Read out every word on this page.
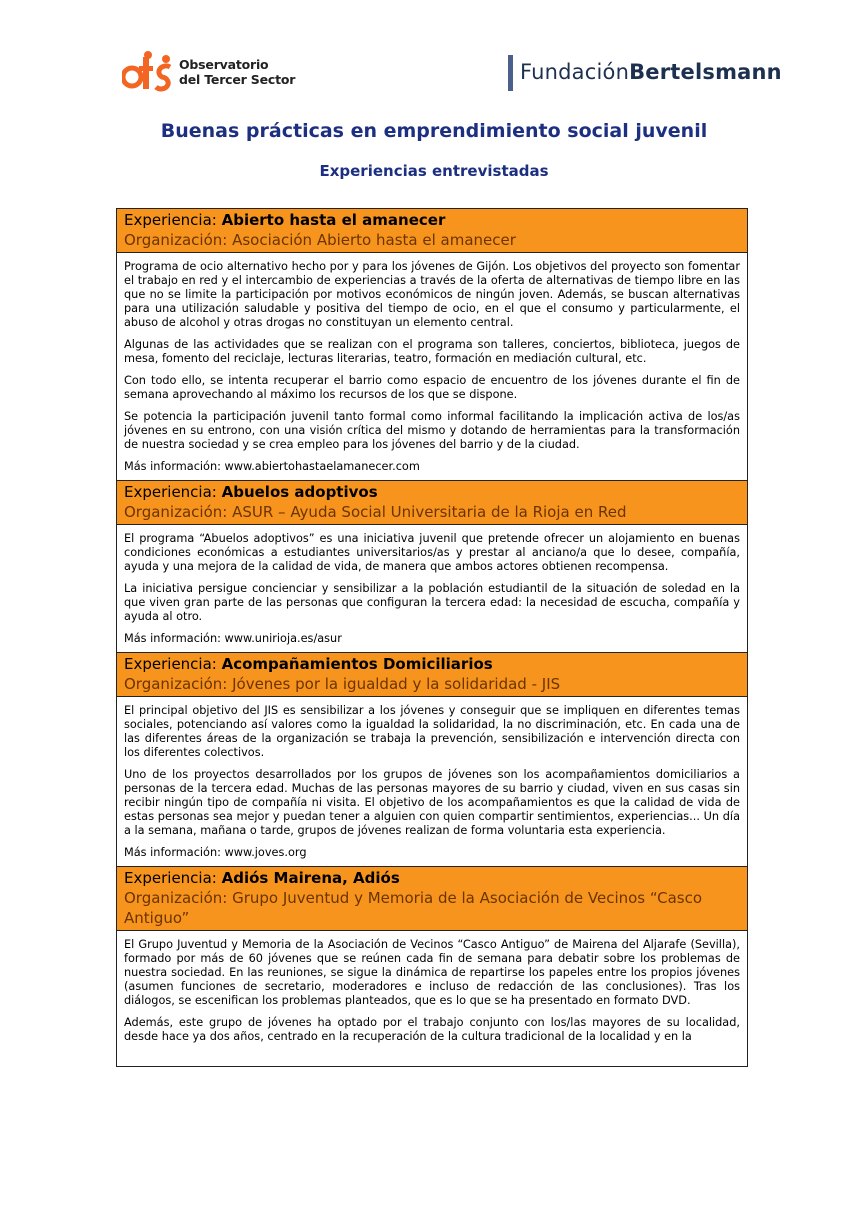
Observatorio
del Tercer Sector	FundaciónBertelsmann
Buenas prácticas en emprendimiento social juvenil
Experiencias entrevistadas
Experiencia: Abierto hasta el amanecer
Organización: Asociación Abierto hasta el amanecer

Programa de ocio alternativo hecho por y para los jóvenes de Gijón. Los objetivos del proyecto son fomentar el trabajo en red y el intercambio de experiencias a través de la oferta de alternativas de tiempo libre en las que no se limite la participación por motivos económicos de ningún joven. Además, se buscan alternativas para una utilización saludable y positiva del tiempo de ocio, en el que el consumo y particularmente, el abuso de alcohol y otras drogas no constituyan un elemento central.

Algunas de las actividades que se realizan con el programa son talleres, conciertos, biblioteca, juegos de mesa, fomento del reciclaje, lecturas literarias, teatro, formación en mediación cultural, etc.

Con todo ello, se intenta recuperar el barrio como espacio de encuentro de los jóvenes durante el fin de semana aprovechando al máximo los recursos de los que se dispone.

Se potencia la participación juvenil tanto formal como informal facilitando la implicación activa de los/as jóvenes en su entrono, con una visión crítica del mismo y dotando de herramientas para la transformación de nuestra sociedad y se crea empleo para los jóvenes del barrio y de la ciudad.

Más información: www.abiertohastaelamanecer.com

Experiencia: Abuelos adoptivos
Organización: ASUR – Ayuda Social Universitaria de la Rioja en Red

El programa “Abuelos adoptivos” es una iniciativa juvenil que pretende ofrecer un alojamiento en buenas condiciones económicas a estudiantes universitarios/as y prestar al anciano/a que lo desee, compañía, ayuda y una mejora de la calidad de vida, de manera que ambos actores obtienen recompensa.

La iniciativa persigue concienciar y sensibilizar a la población estudiantil de la situación de soledad en la que viven gran parte de las personas que configuran la tercera edad: la necesidad de escucha, compañía y ayuda al otro.

Más información: www.unirioja.es/asur

Experiencia: Acompañamientos Domiciliarios
Organización: Jóvenes por la igualdad y la solidaridad - JIS

El principal objetivo del JIS es sensibilizar a los jóvenes y conseguir que se impliquen en diferentes temas sociales, potenciando así valores como la igualdad la solidaridad, la no discriminación, etc. En cada una de las diferentes áreas de la organización se trabaja la prevención, sensibilización e intervención directa con los diferentes colectivos.

Uno de los proyectos desarrollados por los grupos de jóvenes son los acompañamientos domiciliarios a personas de la tercera edad. Muchas de las personas mayores de su barrio y ciudad, viven en sus casas sin recibir ningún tipo de compañía ni visita. El objetivo de los acompañamientos es que la calidad de vida de estas personas sea mejor y puedan tener a alguien con quien compartir sentimientos, experiencias... Un día a la semana, mañana o tarde, grupos de jóvenes realizan de forma voluntaria esta experiencia.

Más información: www.joves.org

Experiencia: Adiós Mairena, Adiós
Organización: Grupo Juventud y Memoria de la Asociación de Vecinos “Casco Antiguo”

El Grupo Juventud y Memoria de la Asociación de Vecinos “Casco Antiguo” de Mairena del Aljarafe (Sevilla), formado por más de 60 jóvenes que se reúnen cada fin de semana para debatir sobre los problemas de nuestra sociedad. En las reuniones, se sigue la dinámica de repartirse los papeles entre los propios jóvenes (asumen funciones de secretario, moderadores e incluso de redacción de las conclusiones). Tras los diálogos, se escenifican los problemas planteados, que es lo que se ha presentado en formato DVD.

Además, este grupo de jóvenes ha optado por el trabajo conjunto con los/las mayores de su localidad, desde hace ya dos años, centrado en la recuperación de la cultura tradicional de la localidad y en la
